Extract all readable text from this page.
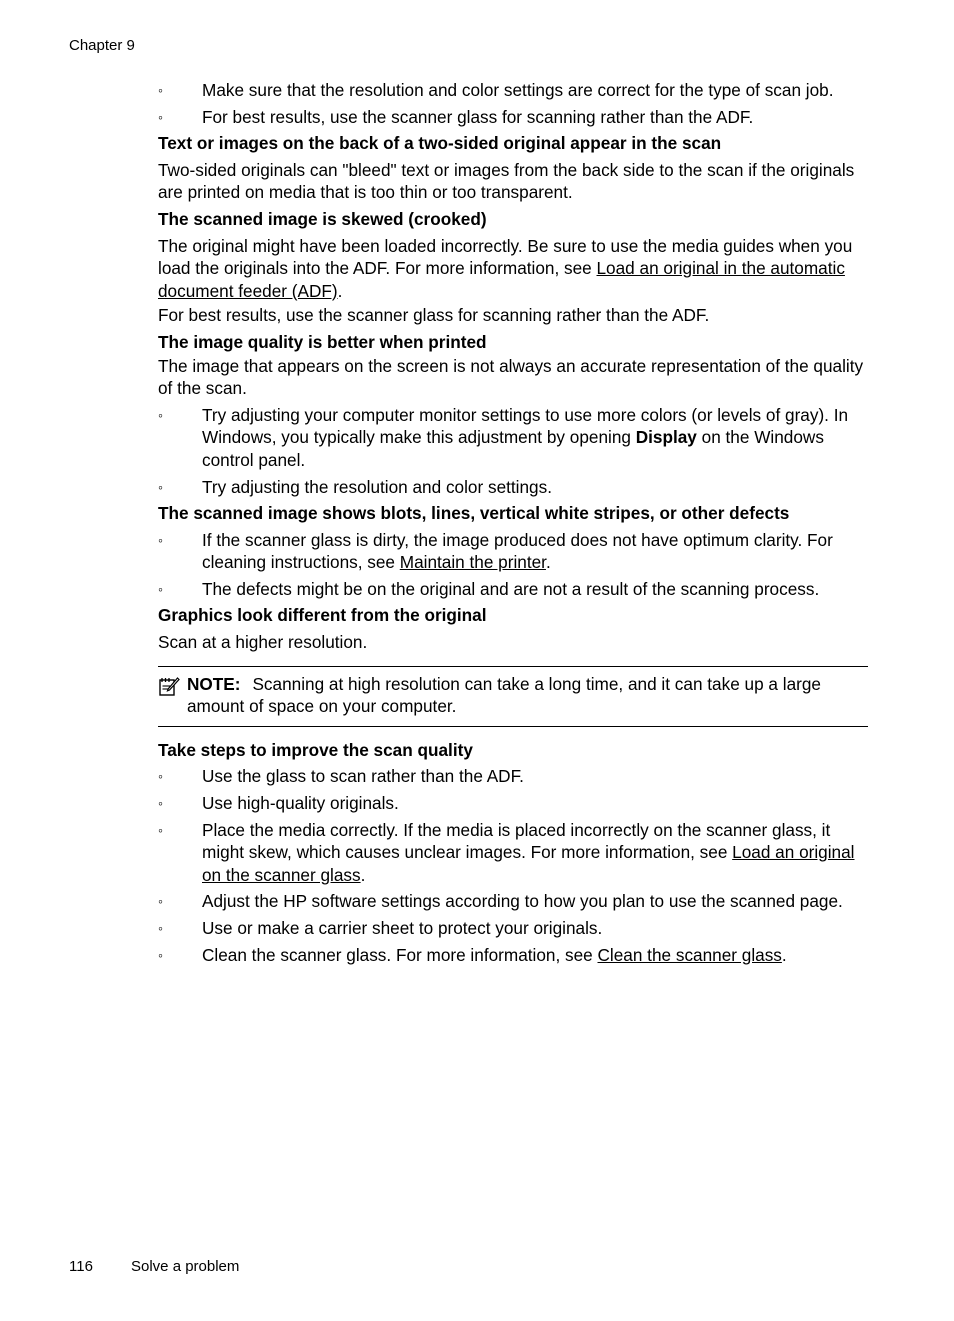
Chapter 9
◦	Make sure that the resolution and color settings are correct for the type of scan job.
◦	For best results, use the scanner glass for scanning rather than the ADF.
Text or images on the back of a two-sided original appear in the scan

Two-sided originals can "bleed" text or images from the back side to the scan if the originals are printed on media that is too thin or too transparent.

The scanned image is skewed (crooked)

The original might have been loaded incorrectly. Be sure to use the media guides when you load the originals into the ADF. For more information, see Load an original in the automatic document feeder (ADF).

For best results, use the scanner glass for scanning rather than the ADF.

The image quality is better when printed

The image that appears on the screen is not always an accurate representation of the quality of the scan.

◦	Try adjusting your computer monitor settings to use more colors (or levels of gray). In Windows, you typically make this adjustment by opening Display on the Windows control panel.
◦	Try adjusting the resolution and color settings.
The scanned image shows blots, lines, vertical white stripes, or other defects
◦	If the scanner glass is dirty, the image produced does not have optimum clarity. For cleaning instructions, see Maintain the printer.
◦	The defects might be on the original and are not a result of the scanning process.
Graphics look different from the original

Scan at a higher resolution.

NOTE: Scanning at high resolution can take a long time, and it can take up a large amount of space on your computer.
Take steps to improve the scan quality
◦	Use the glass to scan rather than the ADF.
◦	Use high-quality originals.
◦	Place the media correctly. If the media is placed incorrectly on the scanner glass, it might skew, which causes unclear images. For more information, see Load an original on the scanner glass.
◦	Adjust the HP software settings according to how you plan to use the scanned page.
◦	Use or make a carrier sheet to protect your originals.
◦	Clean the scanner glass. For more information, see Clean the scanner glass.
116	Solve a problem
